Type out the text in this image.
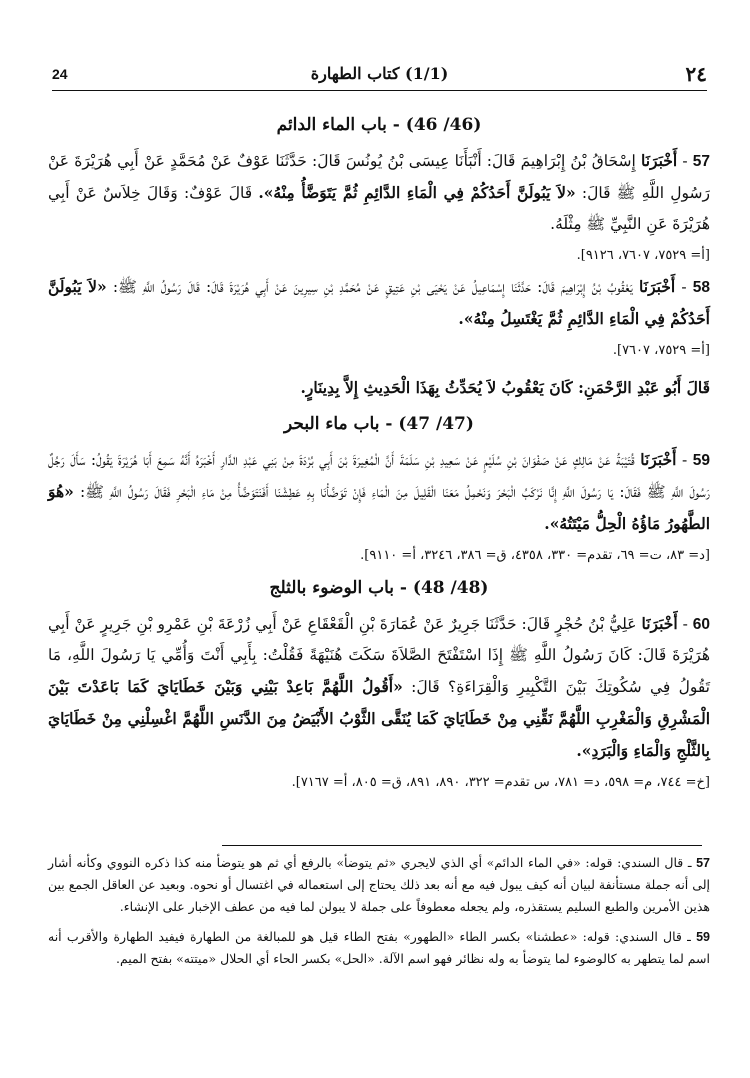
٢٤
(1/1) كتاب الطهارة
24
(46/ 46) - باب الماء الدائم

57 - أَخْبَرَنَا إِسْحَاقُ بْنُ إِبْرَاهِيمَ قَالَ: أَنْبَأَنَا عِيسَى بْنُ يُونُسَ قَالَ: حَدَّثَنَا عَوْفٌ عَنْ مُحَمَّدٍ عَنْ أَبِي هُرَيْرَةَ عَنْ رَسُولِ اللَّهِ ﷺ قَالَ: «لاَ يَبُولَنَّ أَحَدُكُمْ فِي الْمَاءِ الدَّائِمِ ثُمَّ يَتَوَضَّأُ مِنْهُ». قَالَ عَوْفٌ: وَقَالَ خِلاَسٌ عَنْ أَبِي هُرَيْرَةَ عَنِ النَّبِيِّ ﷺ مِثْلَهُ.
[أ= ٧٥٢٩، ٧٦٠٧، ٩١٢٦].

58 - أَخْبَرَنَا يَعْقُوبُ بْنُ إِبْرَاهِيمَ قَالَ: حَدَّثَنَا إِسْمَاعِيلُ عَنْ يَحْيَى بْنِ عَتِيقٍ عَنْ مُحَمَّدِ بْنِ سِيرِينَ عَنْ أَبِي هُرَيْرَةَ قَالَ: قَالَ رَسُولُ اللَّهِ ﷺ: «لاَ يَبُولَنَّ أَحَدُكُمْ فِي الْمَاءِ الدَّائِمِ ثُمَّ يَغْتَسِلُ مِنْهُ».
[أ= ٧٥٢٩، ٧٦٠٧].

قَالَ أَبُو عَبْدِ الرَّحْمَنِ: كَانَ يَعْقُوبُ لاَ يُحَدِّثُ بِهَذَا الْحَدِيثِ إِلاَّ بِدِينَارٍ.

(47/ 47) - باب ماء البحر

59 - أَخْبَرَنَا قُتَيْبَةُ عَنْ مَالِكٍ عَنْ صَفْوَانَ بْنِ سُلَيْمٍ عَنْ سَعِيدِ بْنِ سَلَمَةَ أَنَّ الْمُغِيرَةَ بْنَ أَبِي بُرْدَةَ مِنْ بَنِي عَبْدِ الدَّارِ أَخْبَرَهُ أَنَّهُ سَمِعَ أَبَا هُرَيْرَةَ يَقُولُ: سَأَلَ رَجُلٌ رَسُولَ اللَّهِ ﷺ فَقَالَ: يَا رَسُولَ اللَّهِ إِنَّا نَرْكَبُ الْبَحْرَ وَنَحْمِلُ مَعَنَا الْقَلِيلَ مِنَ الْمَاءِ فَإِنْ تَوَضَّأْنَا بِهِ عَطِشْنَا أَفَنَتَوَضَّأُ مِنْ مَاءِ الْبَحْرِ فَقَالَ رَسُولُ اللَّهِ ﷺ: «هُوَ الطَّهُورُ مَاؤُهُ الْحِلُّ مَيْتَتُهُ».
[د= ٨٣، ت= ٦٩، تقدم= ٣٣٠، ٤٣٥٨، ق= ٣٨٦، ٣٢٤٦، أ= ٩١١٠].

(48/ 48) - باب الوضوء بالثلج

60 - أَخْبَرَنَا عَلِيُّ بْنُ حُجْرٍ قَالَ: حَدَّثَنَا جَرِيرٌ عَنْ عُمَارَةَ بْنِ الْقَعْقَاعِ عَنْ أَبِي زُرْعَةَ بْنِ عَمْرِو بْنِ جَرِيرٍ عَنْ أَبِي هُرَيْرَةَ قَالَ: كَانَ رَسُولُ اللَّهِ ﷺ إِذَا اسْتَفْتَحَ الصَّلاَةَ سَكَتَ هُنَيْهَةً فَقُلْتُ: بِأَبِي أَنْتَ وَأُمِّي يَا رَسُولَ اللَّهِ، مَا تَقُولُ فِي سُكُوتِكَ بَيْنَ التَّكْبِيرِ وَالْقِرَاءَةِ؟ قَالَ: «أَقُولُ اللَّهُمَّ بَاعِدْ بَيْنِي وَبَيْنَ خَطَايَايَ كَمَا بَاعَدْتَ بَيْنَ الْمَشْرِقِ وَالْمَغْرِبِ اللَّهُمَّ نَقِّنِي مِنْ خَطَايَايَ كَمَا يُنَقَّى الثَّوْبُ الأَبْيَضُ مِنَ الدَّنَسِ اللَّهُمَّ اغْسِلْنِي مِنْ خَطَايَايَ بِالثَّلْجِ وَالْمَاءِ وَالْبَرَدِ».
[خ= ٧٤٤، م= ٥٩٨، د= ٧٨١، س تقدم= ٣٢٢، ٨٩٠، ٨٩١، ق= ٨٠٥، أ= ٧١٦٧].

57 ـ قال السندي: قوله: «في الماء الدائم» أي الذي لايجري «ثم يتوضأ» بالرفع أي ثم هو يتوضأ منه كذا ذكره النووي وكأنه أشار إلى أنه جملة مستأنفة لبيان أنه كيف يبول فيه مع أنه بعد ذلك يحتاج إلى استعماله في اغتسال أو نحوه. وبعيد عن العاقل الجمع بين هذين الأمرين والطبع السليم يستقذره، ولم يجعله معطوفاً على جملة لا يبولن لما فيه من عطف الإخبار على الإنشاء.

59 ـ قال السندي: قوله: «عطشنا» بكسر الطاء «الطهور» بفتح الطاء قيل هو للمبالغة من الطهارة فيفيد الطهارة والأقرب أنه اسم لما يتطهر به كالوضوء لما يتوضأ به وله نظائر فهو اسم الآلة. «الحل» بكسر الحاء أي الحلال «ميتته» بفتح الميم.
